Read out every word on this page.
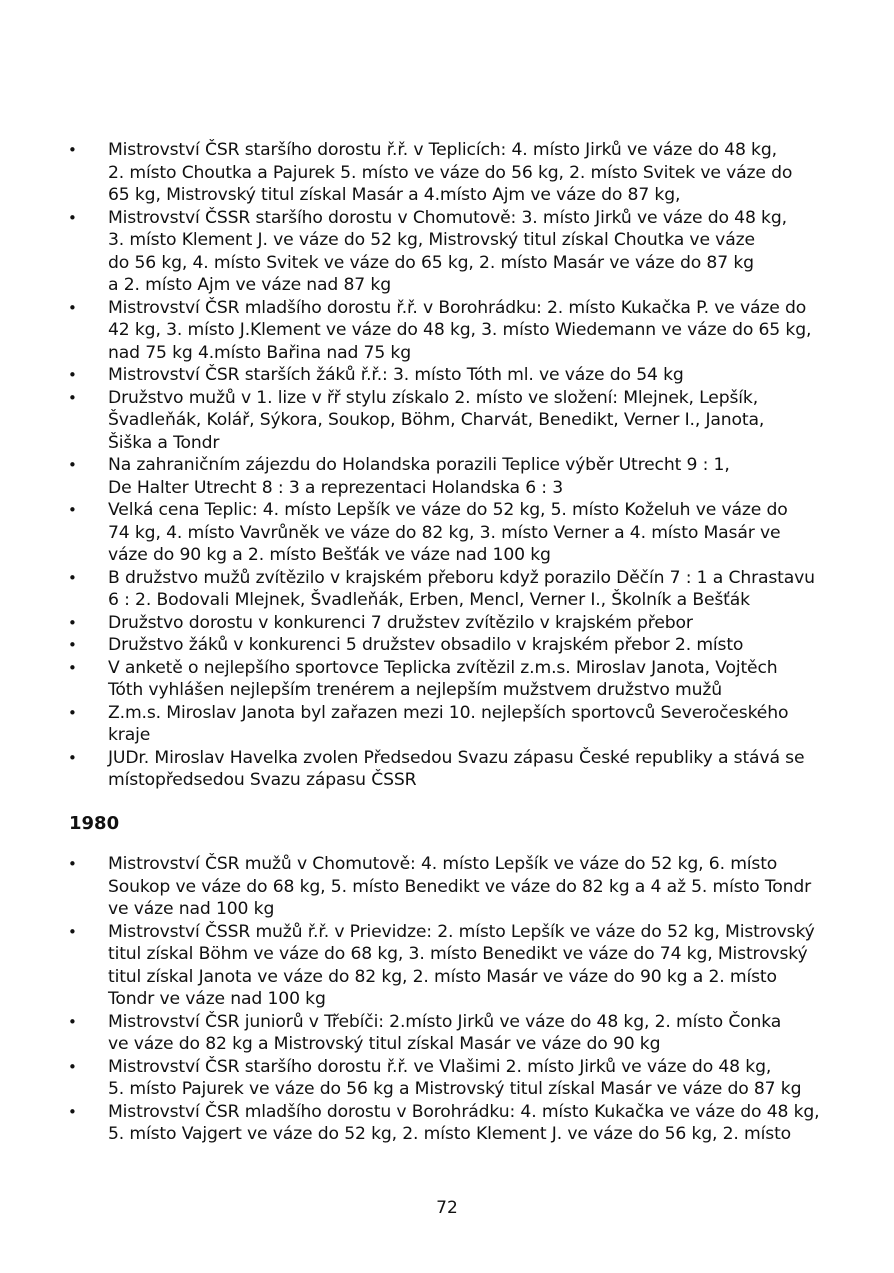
• Mistrovství ČSR staršího dorostu ř.ř. v Teplicích: 4. místo Jirků ve váze do 48 kg,
2. místo Choutka a Pajurek 5. místo ve váze do 56 kg, 2. místo Svitek ve váze do
65 kg, Mistrovský titul získal Masár a 4.místo Ajm ve váze do 87 kg,
• Mistrovství ČSSR staršího dorostu v Chomutově: 3. místo Jirků ve váze do 48 kg,
3. místo Klement J. ve váze do 52 kg, Mistrovský titul získal Choutka ve váze
do 56 kg, 4. místo Svitek ve váze do 65 kg, 2. místo Masár ve váze do 87 kg
a 2. místo Ajm ve váze nad 87 kg
• Mistrovství ČSR mladšího dorostu ř.ř. v Borohrádku: 2. místo Kukačka P. ve váze do
42 kg, 3. místo J.Klement ve váze do 48 kg, 3. místo Wiedemann ve váze do 65 kg,
nad 75 kg 4.místo Bařina nad 75 kg
• Mistrovství ČSR starších žáků ř.ř.: 3. místo Tóth ml. ve váze do 54 kg
• Družstvo mužů v 1. lize v řř stylu získalo 2. místo ve složení: Mlejnek, Lepšík,
Švadleňák, Kolář, Sýkora, Soukop, Böhm, Charvát, Benedikt, Verner I., Janota,
Šiška a Tondr
• Na zahraničním zájezdu do Holandska porazili Teplice výběr Utrecht 9 : 1,
De Halter Utrecht 8 : 3 a reprezentaci Holandska 6 : 3
• Velká cena Teplic: 4. místo Lepšík ve váze do 52 kg, 5. místo Koželuh ve váze do
74 kg, 4. místo Vavrůněk ve váze do 82 kg, 3. místo Verner a 4. místo Masár ve
váze do 90 kg a 2. místo Bešťák ve váze nad 100 kg
• B družstvo mužů zvítězilo v krajském přeboru když porazilo Děčín 7 : 1 a Chrastavu
6 : 2. Bodovali Mlejnek, Švadleňák, Erben, Mencl, Verner I., Školník a Bešťák
• Družstvo dorostu v konkurenci 7 družstev zvítězilo v krajském přebor
• Družstvo žáků v konkurenci 5 družstev obsadilo v krajském přebor 2. místo
• V anketě o nejlepšího sportovce Teplicka zvítězil z.m.s. Miroslav Janota, Vojtěch
Tóth vyhlášen nejlepším trenérem a nejlepším mužstvem družstvo mužů
• Z.m.s. Miroslav Janota byl zařazen mezi 10. nejlepších sportovců Severočeského
kraje
• JUDr. Miroslav Havelka zvolen Předsedou Svazu zápasu České republiky a stává se
místopředsedou Svazu zápasu ČSSR
1980
• Mistrovství ČSR mužů v Chomutově: 4. místo Lepšík ve váze do 52 kg, 6. místo
Soukop ve váze do 68 kg, 5. místo Benedikt ve váze do 82 kg a 4 až 5. místo Tondr
ve váze nad 100 kg
• Mistrovství ČSSR mužů ř.ř. v Prievidze: 2. místo Lepšík ve váze do 52 kg, Mistrovský
titul získal Böhm ve váze do 68 kg, 3. místo Benedikt ve váze do 74 kg, Mistrovský
titul získal Janota ve váze do 82 kg, 2. místo Masár ve váze do 90 kg a 2. místo
Tondr ve váze nad 100 kg
• Mistrovství ČSR juniorů v Třebíči: 2.místo Jirků ve váze do 48 kg, 2. místo Čonka
ve váze do 82 kg a Mistrovský titul získal Masár ve váze do 90 kg
• Mistrovství ČSR staršího dorostu ř.ř. ve Vlašimi 2. místo Jirků ve váze do 48 kg,
5. místo Pajurek ve váze do 56 kg a Mistrovský titul získal Masár ve váze do 87 kg
• Mistrovství ČSR mladšího dorostu v Borohrádku: 4. místo Kukačka ve váze do 48 kg,
5. místo Vajgert ve váze do 52 kg, 2. místo Klement J. ve váze do 56 kg, 2. místo
72
